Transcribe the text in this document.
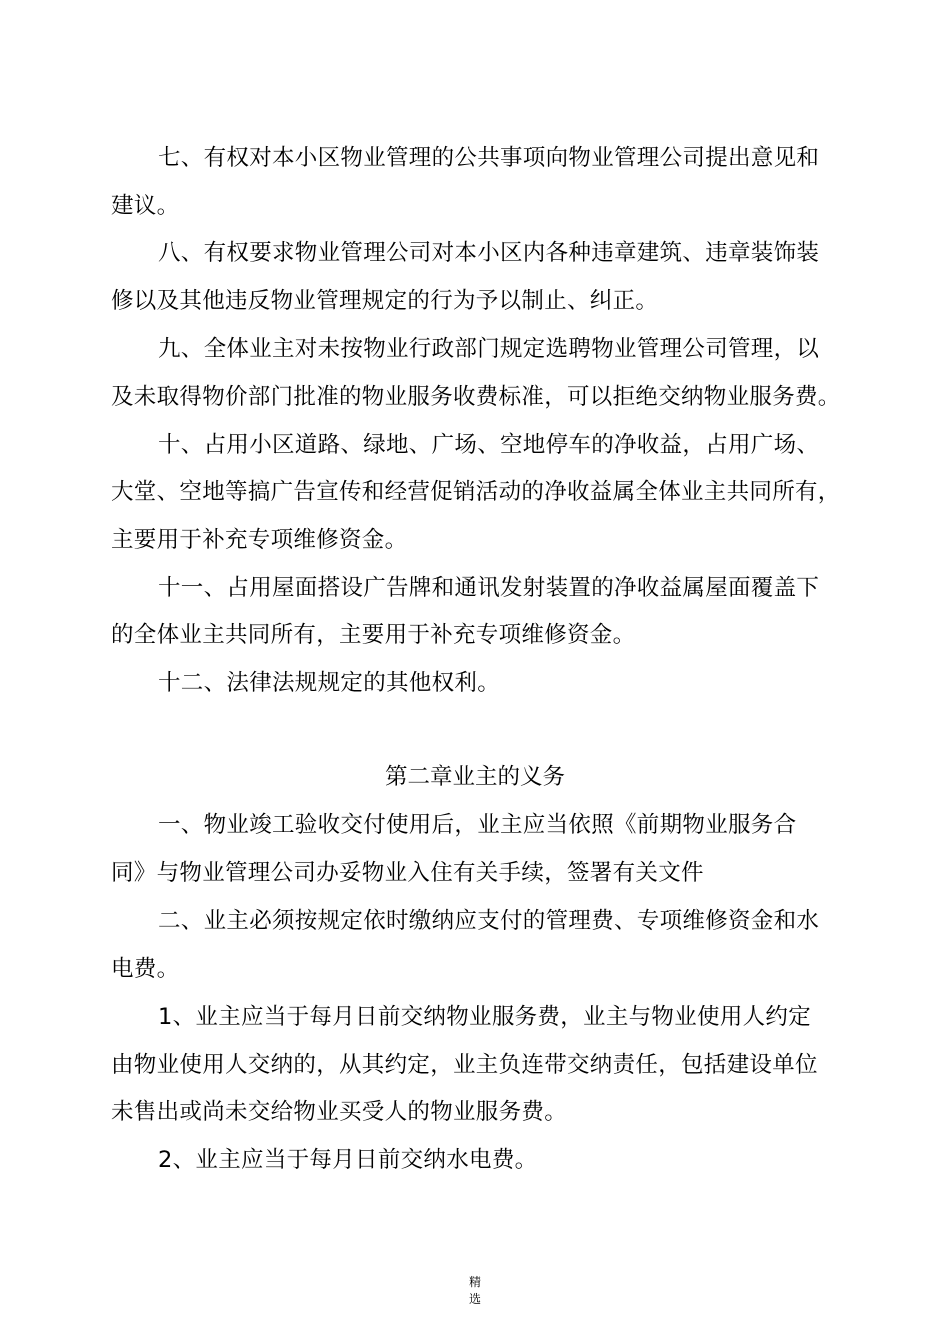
七、有权对本小区物业管理的公共事项向物业管理公司提出意见和
建议。
八、有权要求物业管理公司对本小区内各种违章建筑、违章装饰装
修以及其他违反物业管理规定的行为予以制止、纠正。
九、全体业主对未按物业行政部门规定选聘物业管理公司管理，以
及未取得物价部门批准的物业服务收费标准，可以拒绝交纳物业服务费。
十、占用小区道路、绿地、广场、空地停车的净收益，占用广场、
大堂、空地等搞广告宣传和经营促销活动的净收益属全体业主共同所有，
主要用于补充专项维修资金。
十一、占用屋面搭设广告牌和通讯发射装置的净收益属屋面覆盖下
的全体业主共同所有，主要用于补充专项维修资金。
十二、法律法规规定的其他权利。
第二章业主的义务
一、物业竣工验收交付使用后，业主应当依照《前期物业服务合
同》与物业管理公司办妥物业入住有关手续，签署有关文件
二、业主必须按规定依时缴纳应支付的管理费、专项维修资金和水
电费。
1、业主应当于每月日前交纳物业服务费，业主与物业使用人约定
由物业使用人交纳的，从其约定，业主负连带交纳责任，包括建设单位
未售出或尚未交给物业买受人的物业服务费。
2、业主应当于每月日前交纳水电费。
精
选
